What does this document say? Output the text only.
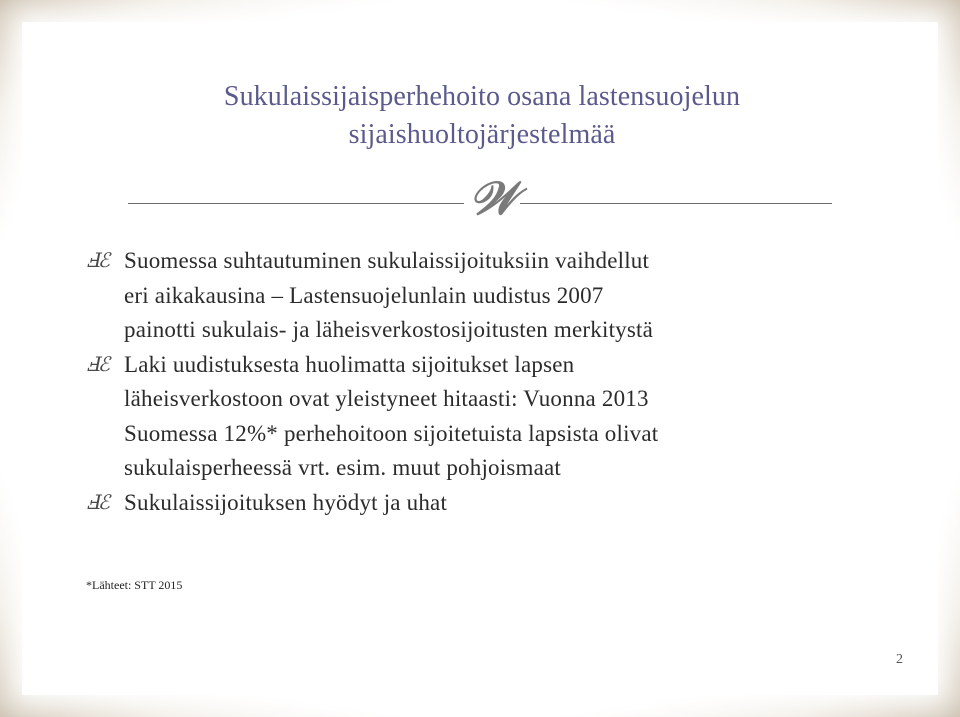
Sukulaissijaisperhehoito osana lastensuojelun
sijaishuoltojärjestelmää
𝒲
Ⅎℰ Suomessa suhtautuminen sukulaissijoituksiin vaihdellut
eri aikakausina – Lastensuojelunlain uudistus 2007
painotti sukulais- ja läheisverkostosijoitusten merkitystä
Ⅎℰ Laki uudistuksesta huolimatta sijoitukset lapsen
läheisverkostoon ovat yleistyneet hitaasti: Vuonna 2013
Suomessa 12%* perhehoitoon sijoitetuista lapsista olivat
sukulaisperheessä vrt. esim. muut pohjoismaat
Ⅎℰ Sukulaissijoituksen hyödyt ja uhat
*Lähteet: STT 2015
2
